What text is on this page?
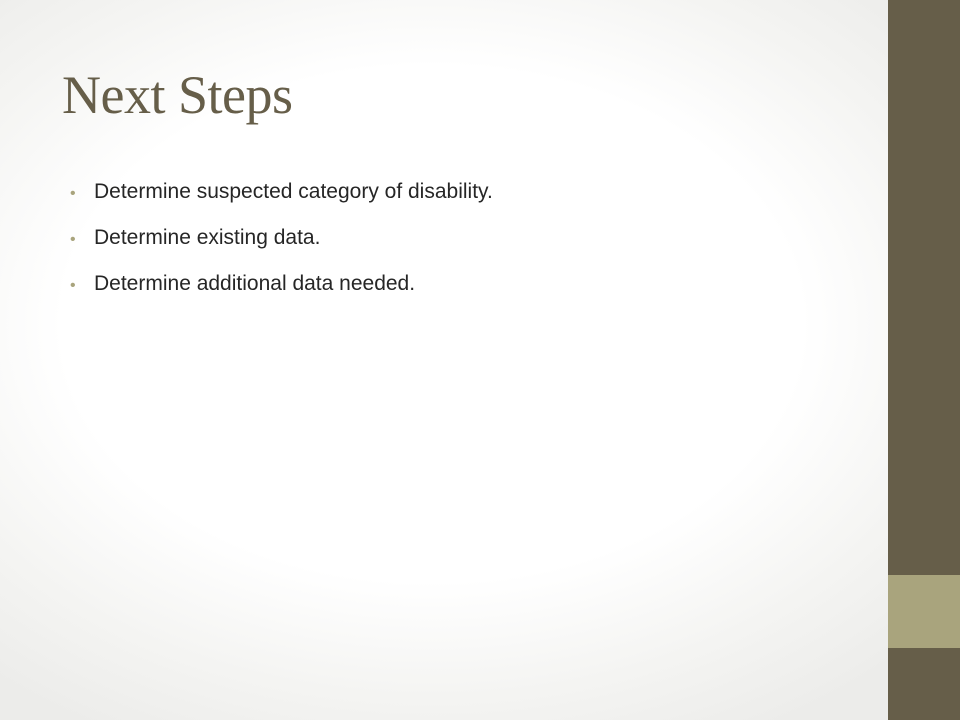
Next Steps
• Determine suspected category of disability.
• Determine existing data.
• Determine additional data needed.
